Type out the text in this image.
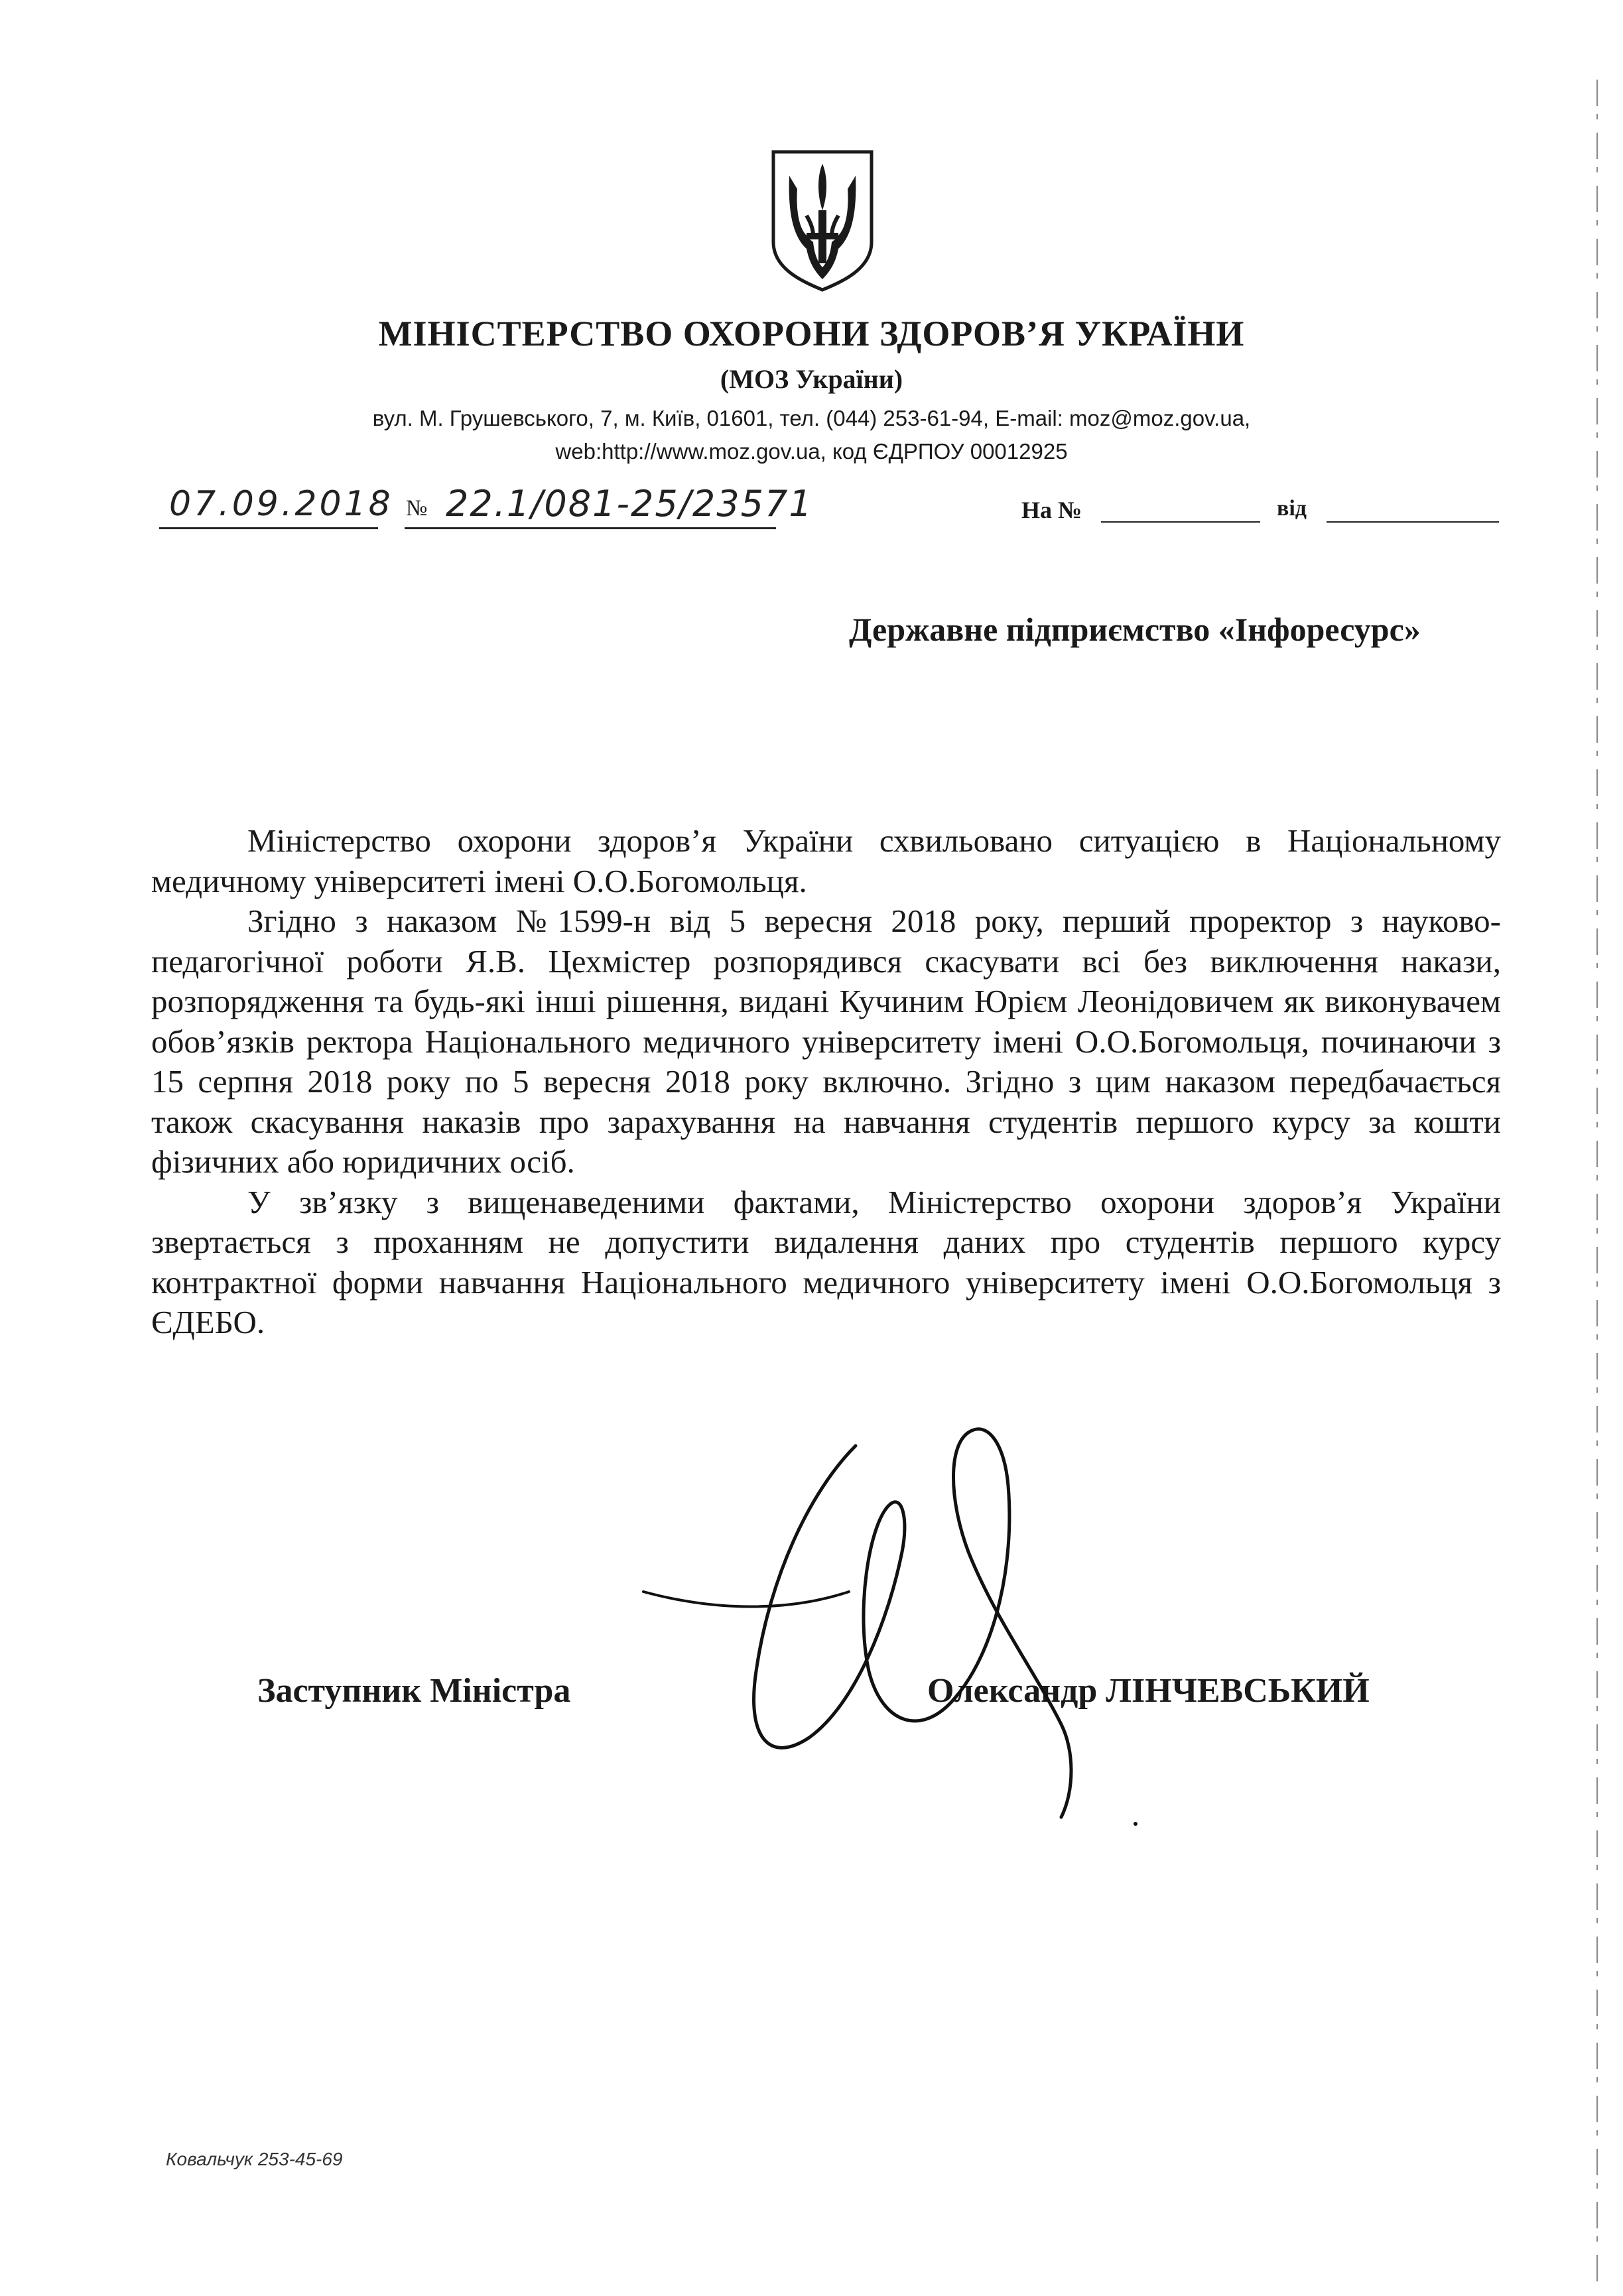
МІНІСТЕРСТВО ОХОРОНИ ЗДОРОВ’Я УКРАЇНИ
(МОЗ України)
вул. М. Грушевського, 7, м. Київ, 01601, тел. (044) 253-61-94, E-mail: moz@moz.gov.ua,
web:http://www.moz.gov.ua, код ЄДРПОУ 00012925
07.09.2018 № 22.1/081-25/23571	На №	від
Державне підприємство «Інфоресурс»

Міністерство охорони здоров’я України схвильовано ситуацією в Національному медичному університеті імені О.О.Богомольця.

Згідно з наказом №1599-н від 5 вересня 2018 року, перший проректор з науково-педагогічної роботи Я.В. Цехмістер розпорядився скасувати всі без виключення накази, розпорядження та будь-які інші рішення, видані Кучиним Юрієм Леонідовичем як виконувачем обов’язків ректора Національного медичного університету імені О.О.Богомольця, починаючи з 15 серпня 2018 року по 5 вересня 2018 року включно. Згідно з цим наказом передбачається також скасування наказів про зарахування на навчання студентів першого курсу за кошти фізичних або юридичних осіб.

У зв’язку з вищенаведеними фактами, Міністерство охорони здоров’я України звертається з проханням не допустити видалення даних про студентів першого курсу контрактної форми навчання Національного медичного університету імені О.О.Богомольця з ЄДЕБО.

Заступник Міністра	Олександр ЛІНЧЕВСЬКИЙ
Ковальчук 253-45-69
